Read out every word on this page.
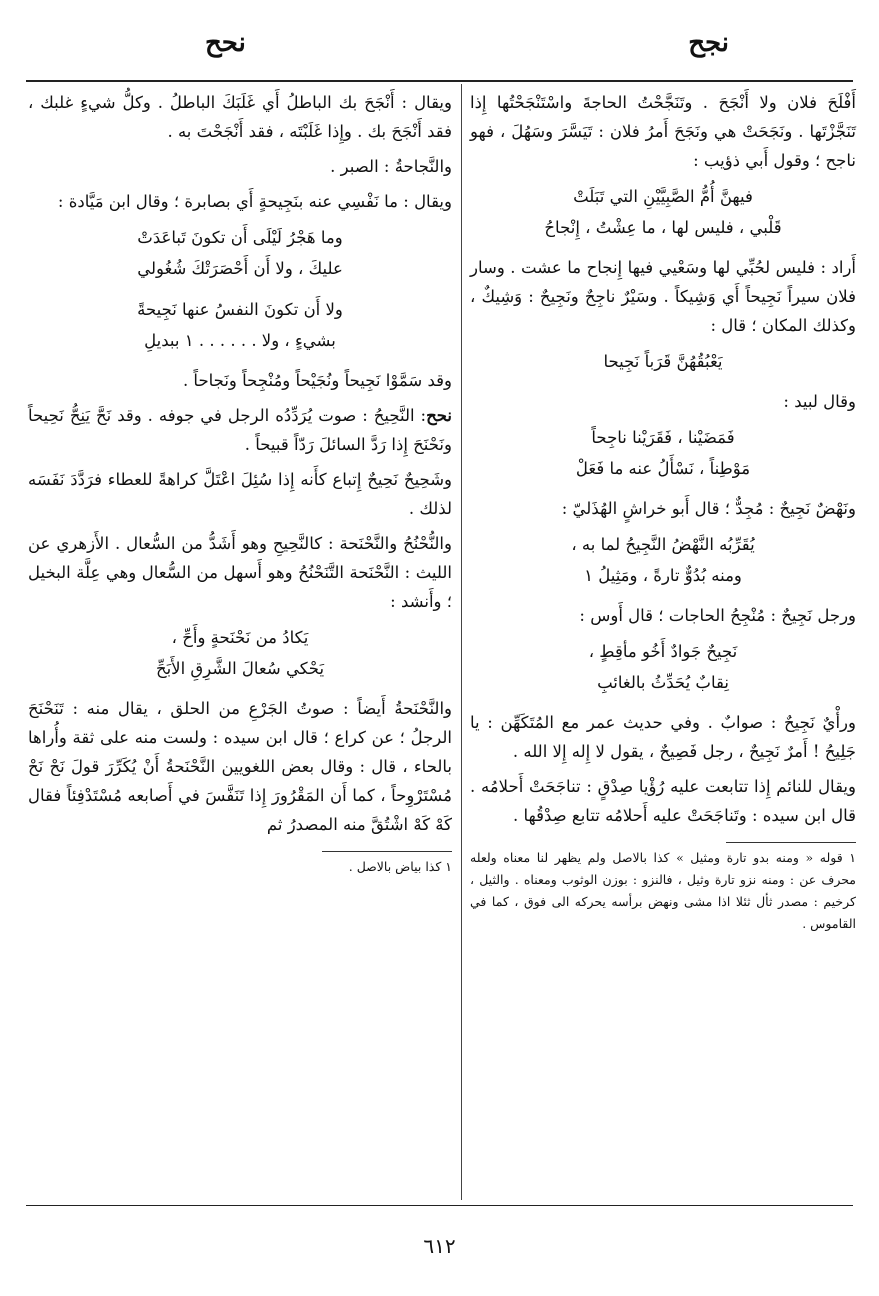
نجح
نحح

أَفْلَحَ فلان ولا أَنْجَحَ . وتَنَجَّحْتُ الحاجةَ واسْتَنْجَحْتُها إِذا تَنَجَّزْتَها . ونَجَحَتْ هي ونَجَحَ أَمرُ فلان : تَيَسَّرَ وسَهُلَ ، فهو ناجح ؛ وقول أَبي ذؤيب :

فيهنَّ أُمُّ الصَّبِيَّيْنِ التي تَبَلَتْ
قَلْبي ، فليس لها ، ما عِشْتُ ، إِنْجاحُ

أَراد : فليس لحُبِّي لها وسَعْيي فيها إِنجاح ما عشت . وسار فلان سيراً نَجِيحاً أَي وَشِيكاً . وسَيْرٌ ناجِحٌ ونَجِيحٌ : وَشِيكٌ ، وكذلك المكان ؛ قال :

يَعْبُقُهُنَّ قَرَباً نَجِيحا

وقال لبيد :

فَمَضَيْنا ، فَقَرَيْنا ناجِحاً
مَوْطِناً ، نَسْأَلُ عنه ما فَعَلْ

ونَهْضٌ نَجِيحٌ : مُجِدٌّ ؛ قال أَبو خراشٍ الهُذَليّ :

يُقَرِّبُه النَّهْضُ النَّجِيحُ لما به ،
ومنه بُدُوٌّ تارةً ، ومَثِيلُ ١

ورجل نَجِيحٌ : مُنْجِحُ الحاجات ؛ قال أَوس :

نَجِيحٌ جَوادٌ أَخُو مأقِطٍ ،
نِقابٌ يُحَدِّثُ بالغائبِ

ورأْيٌ نَجِيحٌ : صوابٌ . وفي حديث عمر مع المُتَكَهِّن : يا جَلِيحُ ! أَمرٌ نَجِيحٌ ، رجل فَصِيحٌ ، يقول لا إِله إِلا الله .

ويقال للنائم إِذا تتابعت عليه رُؤْيا صِدْقٍ : تناجَحَتْ أَحلامُه . قال ابن سيده : وتَناجَحَتْ عليه أَحلامُه تتابع صِدْقُها .

١ قوله « ومنه بدو تارة ومثيل » كذا بالاصل ولم يظهر لنا معناه ولعله محرف عن : ومنه نزو تارة وثيل ، فالنزو : بوزن الوثوب ومعناه . والثيل ، كرخيم : مصدر ثأل ثئلا اذا مشى ونهض برأسه يحركه الى فوق ، كما في القاموس .

ويقال : أَنْجَحَ بك الباطلُ أَي غَلَبَكَ الباطلُ . وكلُّ شيءٍ غلبك ، فقد أَنْجَحَ بك . وإِذا غَلَبْتَه ، فقد أَنْجَحْتَ به .

والنَّجاحةُ : الصبر .

ويقال : ما نَفْسِي عنه بنَجِيحةٍ أَي بصابرة ؛ وقال ابن مَيَّادة :

وما هَجْرُ لَيْلَى أَن تكونَ تَباعَدَتْ
عليكَ ، ولا أَن أَحْصَرَتْكَ شُغُولي
ولا أَن تكونَ النفسُ عنها نَجِيحةً
بشيءٍ ، ولا . . . . . . ١ ببديلِ

وقد سَمَّوْا نَجِيحاً ونُجَيْحاً ومُنْجِحاً ونَجاحاً .

نحح: النَّحِيحُ : صوت يُرَدِّدُه الرجل في جوفه . وقد نَحَّ يَنِحُّ نَحِيحاً ونَحْنَحَ إِذا رَدَّ السائلَ رَدّاً قبيحاً .

وشَحِيحٌ نَحِيحٌ إِتباع كأَنه إِذا سُئِلَ اعْتَلَّ كراهةً للعطاء فرَدَّدَ نَفَسَه لذلك .

والنُّحْنُحُ والنَّحْنَحة : كالنَّحِيحِ وهو أَشَدُّ من السُّعال . الأَزهري عن الليث : النَّحْنَحة التَّنَحْنُحُ وهو أَسهل من السُّعال وهي عِلَّة البخيل ؛ وأَنشد :

يَكادُ من نَحْنَحةٍ وأَحِّ ،
يَحْكي سُعالَ الشَّرِقِ الأَبَحِّ

والنَّحْنَحةُ أَيضاً : صوتُ الجَرْعِ من الحلق ، يقال منه : تَنَحْنَحَ الرجلُ ؛ عن كراع ؛ قال ابن سيده : ولست منه على ثقة وأُراها بالحاء ، قال : وقال بعض اللغويين النَّحْنَحةُ أَنْ يُكَرِّرَ قولَ نَحْ نَحْ مُسْتَرْوِحاً ، كما أَن المَقْرُورَ إِذا تَنَفَّسَ في أَصابعه مُسْتَدْفِئاً فقال كَهْ كَهْ اشْتُقَّ منه المصدرُ ثم

١ كذا بياض بالاصل .
٦١٢
